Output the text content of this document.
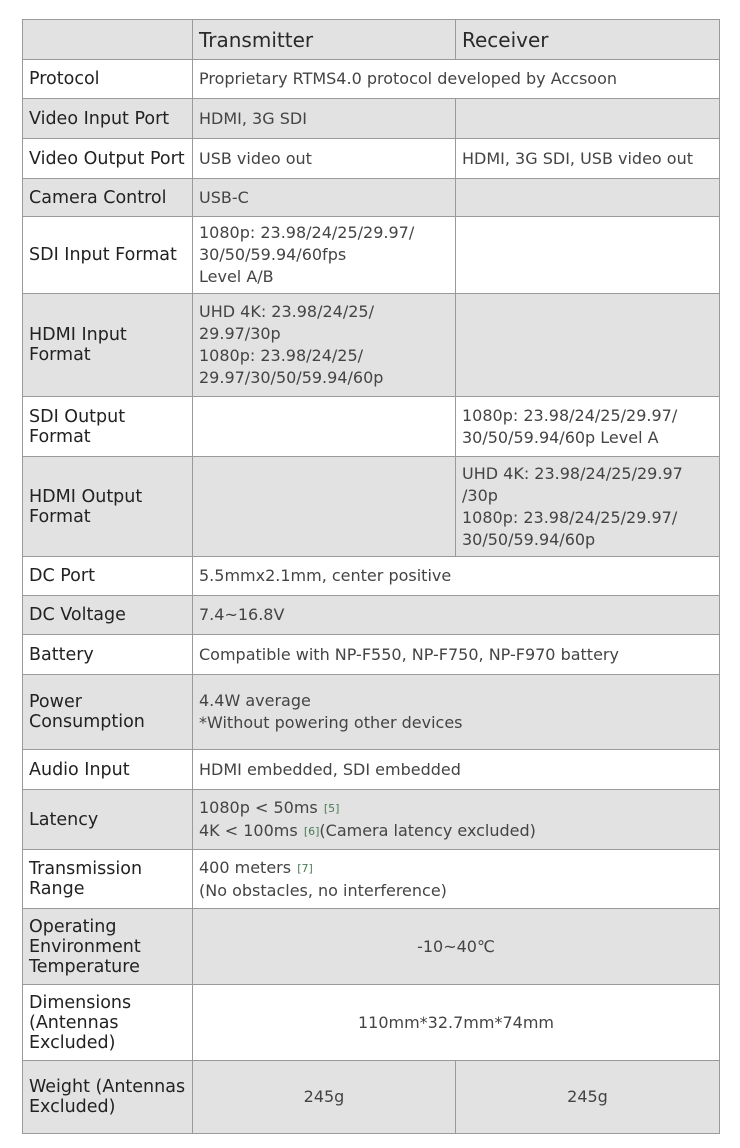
	Transmitter	Receiver
Protocol	Proprietary RTMS4.0 protocol developed by Accsoon	
Video Input Port	HDMI, 3G SDI	
Video Output Port	USB video out	HDMI, 3G SDI, USB video out
Camera Control	USB-C	
SDI Input Format	1080p: 23.98/24/25/29.97/
30/50/59.94/60fps
Level A/B	

HDMI Input Format	UHD 4K: 23.98/24/25/
29.97/30p
1080p: 23.98/24/25/
29.97/30/50/59.94/60p	

SDI Output Format		1080p: 23.98/24/25/29.97/
30/50/59.94/60p Level A

HDMI Output Format		UHD 4K: 23.98/24/25/29.97
/30p
1080p: 23.98/24/25/29.97/
30/50/59.94/60p

DC Port	5.5mmx2.1mm, center positive	
DC Voltage	7.4~16.8V	
Battery	Compatible with NP-F550, NP-F750, NP-F970 battery	
Power Consumption	4.4W average
*Without powering other devices	

Audio Input	HDMI embedded, SDI embedded	
Latency	1080p < 50ms [5]
4K < 100ms [6](Camera latency excluded)	

Transmission Range	400 meters [7]
(No obstacles, no interference)	

Operating Environment Temperature	-10~40℃	
Dimensions (Antennas Excluded)	110mm*32.7mm*74mm	
Weight (Antennas Excluded)	245g	245g
